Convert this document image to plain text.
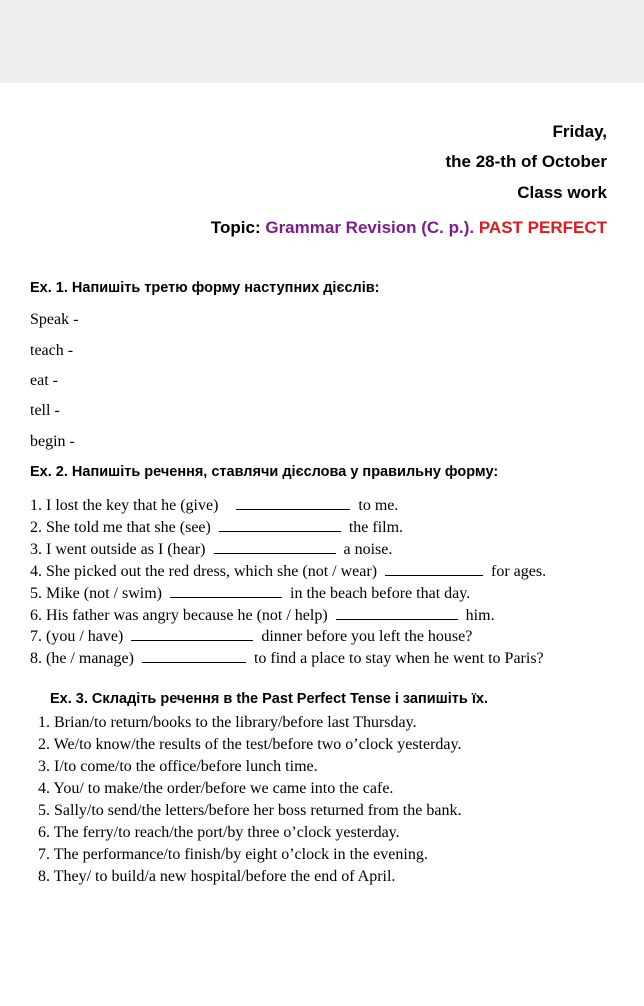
Friday,
the 28-th of October
Class work
Topic: Grammar Revision (C. p.). PAST PERFECT
Ex. 1. Напишіть третю форму наступних дієслів:
Speak -
teach -
eat -
tell -
begin -
Ex. 2. Напишіть речення, ставлячи дієслова у правильну форму:
1. I lost the key that he (give)	to me.
2. She told me that she (see)	the film.
3. I went outside as I (hear)	a noise.
4. She picked out the red dress, which she (not / wear)	for ages.
5. Mike (not / swim)	in the beach before that day.
6. His father was angry because he (not / help)	him.
7. (you / have)	dinner before you left the house?
8. (he / manage)	to find a place to stay when he went to Paris?
Ex. 3. Складіть речення в the Past Perfect Tense і запишіть їх.
1. Brian/to return/books to the library/before last Thursday.
2. We/to know/the results of the test/before two o’clock yesterday.
3. I/to come/to the office/before lunch time.
4. You/ to make/the order/before we came into the cafe.
5. Sally/to send/the letters/before her boss returned from the bank.
6. The ferry/to reach/the port/by three o’clock yesterday.
7. The performance/to finish/by eight o’clock in the evening.
8. They/ to build/a new hospital/before the end of April.
